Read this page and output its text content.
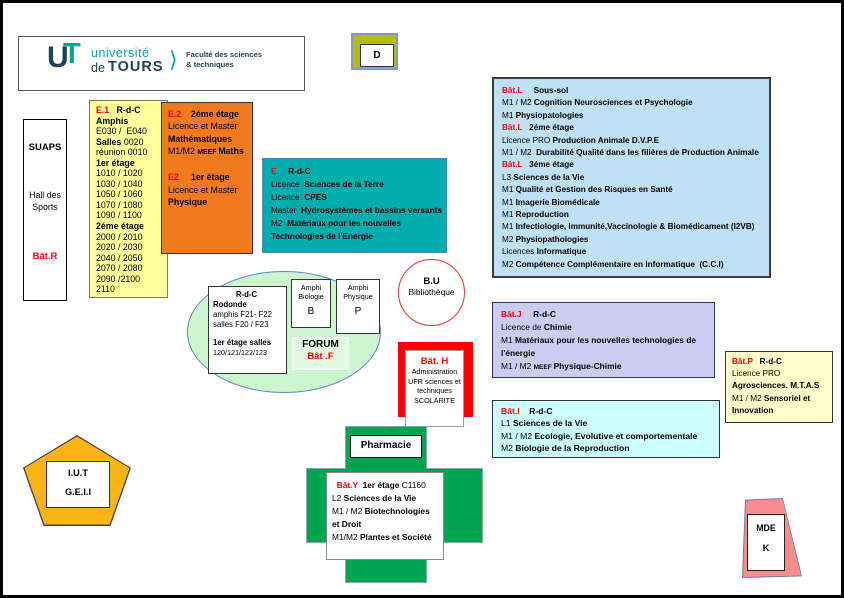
U
T université
de TOURS ⟩ Faculté des sciences & techniques
D
SUAPS
Hall des
Sports
Bât.R
E.1   R-d-C
Amphis
E030 /  E040
Salles 0020
réunion 0010
1er étage
1010 / 1020
1030 / 1040
1050 / 1060
1070 / 1080
1090 / 1100
2éme étage
2000 / 2010
2020 / 2030
2040 / 2050
2070 / 2080
2090 /2100
2110
E.2    2éme étage
Licence et Master
Mathématiques
M1/M2 MEEF Maths

E2     1er étage
Licence et Master
Physique
E.    R-d-C
Licence  Sciences de la Terre
Licence  CPES
Master  Hydrosystèmes et bassins versants
M2  Matériaux pour les nouvelles
Technologies de l'Energie
Bât.L     Sous-sol
M1 / M2 Cognition Neurosciences et Psychologie
M1 Physiopatologies
Bât.L   2éme étage
Licence PRO Production Animale D.V.P.E
M1 / M2  Durabilité Qualité dans les filières de Production Animale
Bât.L   3éme étage
L3 Sciences de la Vie
M1 Qualité et Gestion des Risques en Santé
M1 Imagerie Biomédicale
M1 Reproduction
M1 Infectiologie, Immunité,Vaccinologie & Biomédicament (I2VB)
M2 Physiopathologies
Licences Informatique
M2 Compétence Complémentaire en Informatique  (C.C.I)
R-d-C
Rodonde
amphis F21- F22
salles F20 / F23
1er étage salles
120/121/122/123
Amphi
Biologie
B
Amphi
Physique
P
FORUM
Bât .F
B.U
Bibliothèque
Bât. H
Administration
UFR sciences et
techniques
SCOLARITE
Pharmacie
Bât.Y  1er étage C1160
L2 Sciences de la Vie
M1 / M2 Biotechnologies
et Droit
M1/M2 Plantes et Société
Bât.J     R-d-C
Licence de Chimie
M1 Matériaux pour les nouvelles technologies de
l'énergie
M1 / M2 MEEF Physique-Chimie
Bât.I    R-d-C
L1 Sciences de la Vie
M1 / M2 Ecologie, Evolutive et comportementale
M2 Biologie de la Reproduction
Bât.P   R-d-C
Licence PRO
Agrosciences. M.T.A.S
M1 / M2 Sensoriel et
Innovation
I.U.T
G.E.I.I
MDE
K
